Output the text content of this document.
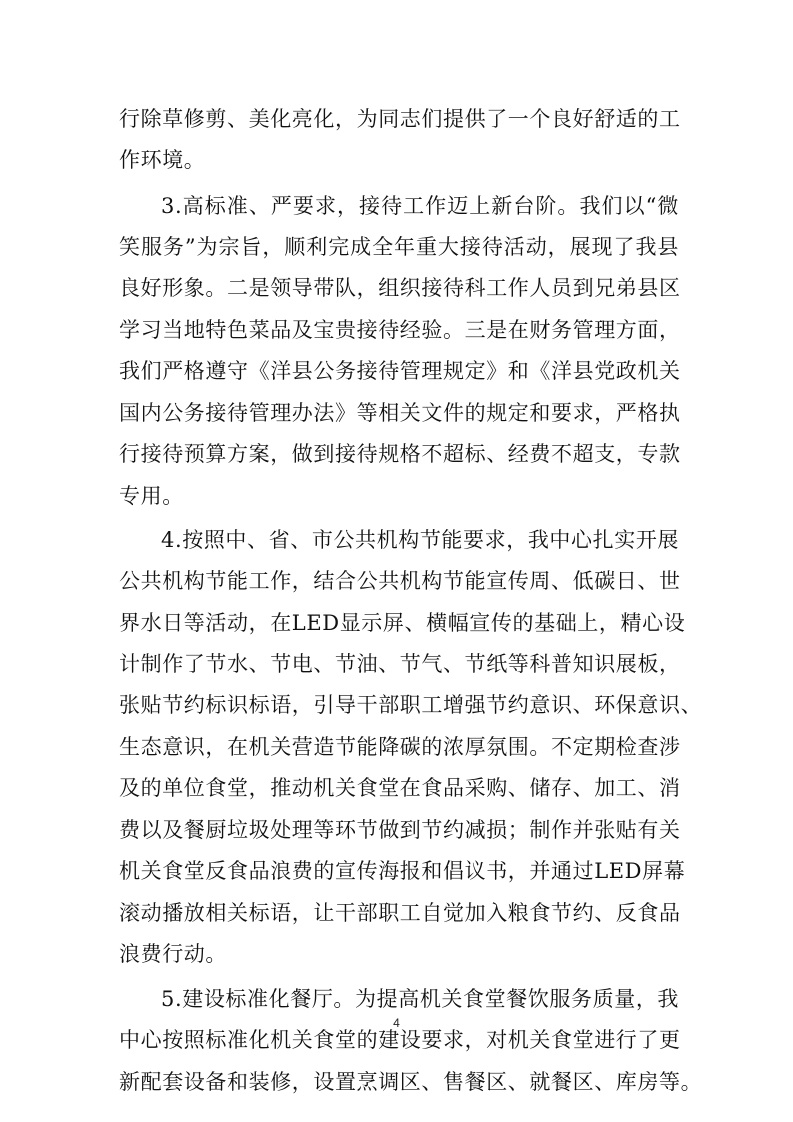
行除草修剪、美化亮化，为同志们提供了一个良好舒适的工
作环境。
3.高标准、严要求，接待工作迈上新台阶。我们以“微
笑服务”为宗旨，顺利完成全年重大接待活动，展现了我县
良好形象。二是领导带队，组织接待科工作人员到兄弟县区
学习当地特色菜品及宝贵接待经验。三是在财务管理方面，
我们严格遵守《洋县公务接待管理规定》和《洋县党政机关
国内公务接待管理办法》等相关文件的规定和要求，严格执
行接待预算方案，做到接待规格不超标、经费不超支，专款
专用。
4.按照中、省、市公共机构节能要求，我中心扎实开展
公共机构节能工作，结合公共机构节能宣传周、低碳日、世
界水日等活动，在LED显示屏、横幅宣传的基础上，精心设
计制作了节水、节电、节油、节气、节纸等科普知识展板，
张贴节约标识标语，引导干部职工增强节约意识、环保意识、
生态意识，在机关营造节能降碳的浓厚氛围。不定期检查涉
及的单位食堂，推动机关食堂在食品采购、储存、加工、消
费以及餐厨垃圾处理等环节做到节约减损；制作并张贴有关
机关食堂反食品浪费的宣传海报和倡议书，并通过LED屏幕
滚动播放相关标语，让干部职工自觉加入粮食节约、反食品
浪费行动。
5.建设标准化餐厅。为提高机关食堂餐饮服务质量，我
中心按照标准化机关食堂的建设要求，对机关食堂进行了更
新配套设备和装修，设置烹调区、售餐区、就餐区、库房等。
4
